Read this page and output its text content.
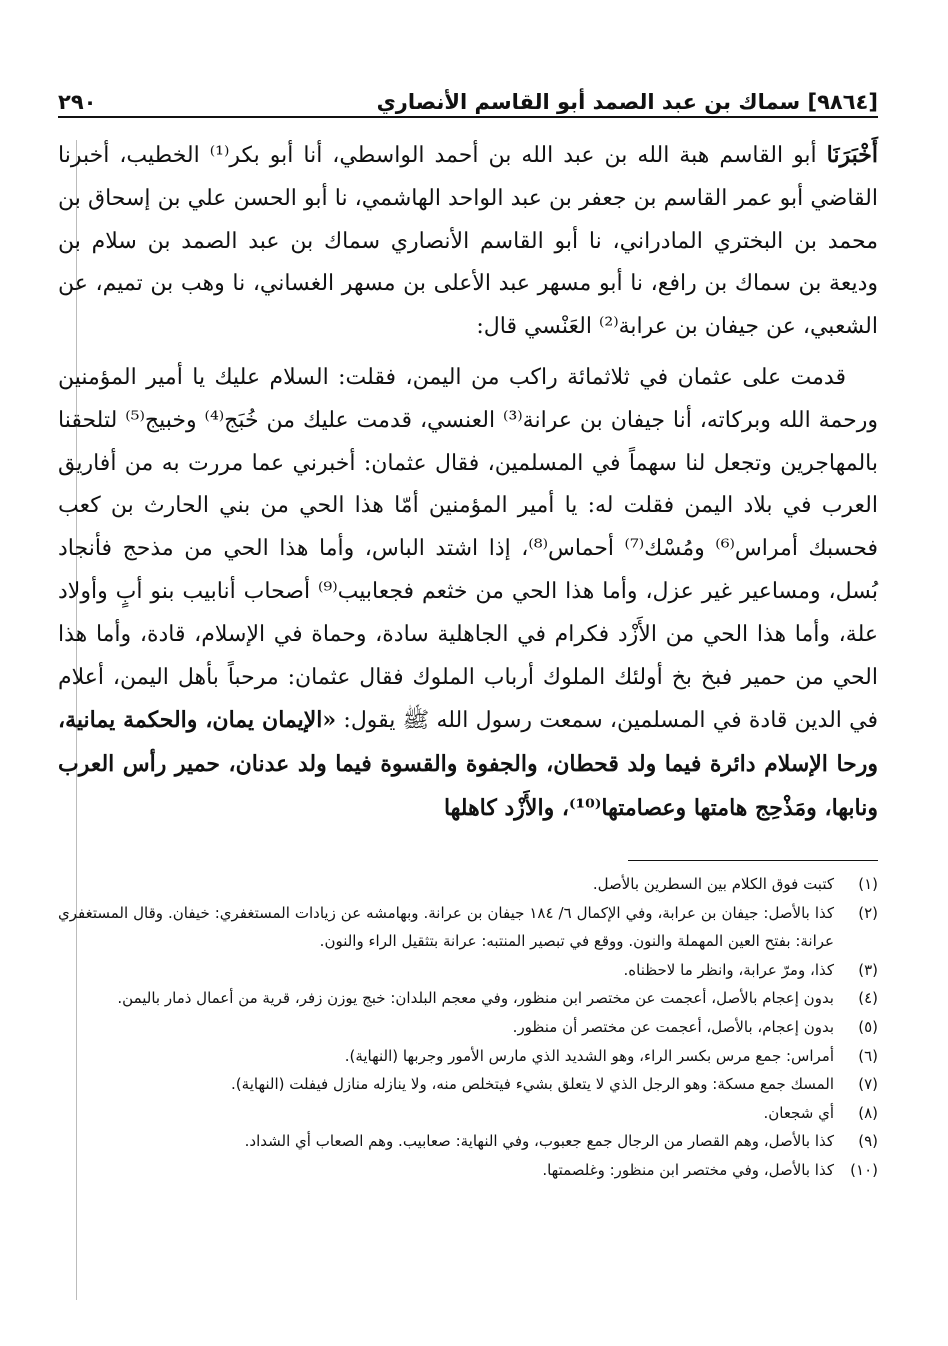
[٩٨٦٤] سماك بن عبد الصمد أبو القاسم الأنصاري
٢٩٠

أَخْبَرَنَا أبو القاسم هبة الله بن عبد الله بن أحمد الواسطي، أنا أبو بكر⁽¹⁾ الخطيب، أخبرنا القاضي أبو عمر القاسم بن جعفر بن عبد الواحد الهاشمي، نا أبو الحسن علي بن إسحاق بن محمد بن البختري المادراني، نا أبو القاسم الأنصاري سماك بن عبد الصمد بن سلام بن وديعة بن سماك بن رافع، نا أبو مسهر عبد الأعلى بن مسهر الغساني، نا وهب بن تميم، عن الشعبي، عن جيفان بن عرابة⁽²⁾ العَنْسي قال:

قدمت على عثمان في ثلاثمائة راكب من اليمن، فقلت: السلام عليك يا أمير المؤمنين ورحمة الله وبركاته، أنا جيفان بن عرانة⁽³⁾ العنسي، قدمت عليك من خُبَج⁽⁴⁾ وخبيج⁽⁵⁾ لتلحقنا بالمهاجرين وتجعل لنا سهماً في المسلمين، فقال عثمان: أخبرني عما مررت به من أفاريق العرب في بلاد اليمن فقلت له: يا أمير المؤمنين أمّا هذا الحي من بني الحارث بن كعب فحسبك أمراس⁽⁶⁾ ومُسْك⁽⁷⁾ أحماس⁽⁸⁾، إذا اشتد الباس، وأما هذا الحي من مذحج فأنجاد بُسل، ومساعير غير عزل، وأما هذا الحي من خثعم فجعابيب⁽⁹⁾ أصحاب أنابيب بنو أبٍ وأولاد علة، وأما هذا الحي من الأَزْد فكرام في الجاهلية سادة، وحماة في الإسلام، قادة، وأما هذا الحي من حمير فبخ بخ أولئك الملوك أرباب الملوك فقال عثمان: مرحباً بأهل اليمن، أعلام في الدين قادة في المسلمين، سمعت رسول الله ﷺ يقول: «الإيمان يمان، والحكمة يمانية، ورحا الإسلام دائرة فيما ولد قحطان، والجفوة والقسوة فيما ولد عدنان، حمير رأس العرب ونابها، ومَذْحِج هامتها وعصامتها⁽¹⁰⁾، والأَزْد كاهلها

(١)
كتبت فوق الكلام بين السطرين بالأصل.
(٢)
كذا بالأصل: جيفان بن عرابة، وفي الإكمال ٦/ ١٨٤ جيفان بن عرانة. وبهامشه عن زيادات المستغفري: خيفان. وقال المستغفري عرانة: بفتح العين المهملة والنون. ووقع في تبصير المنتبه: عرانة بتثقيل الراء والنون.
(٣)
كذا، ومرّ عرابة، وانظر ما لاحظناه.
(٤)
بدون إعجام بالأصل، أعجمت عن مختصر ابن منظور، وفي معجم البلدان: خبج يوزن زفر، قرية من أعمال ذمار باليمن.
(٥)
بدون إعجام، بالأصل، أعجمت عن مختصر أن منظور.
(٦)
أمراس: جمع مرس بكسر الراء، وهو الشديد الذي مارس الأمور وجربها (النهاية).
(٧)
المسك جمع مسكة: وهو الرجل الذي لا يتعلق بشيء فيتخلص منه، ولا ينازله منازل فيفلت (النهاية).
(٨)
أي شجعان.
(٩)
كذا بالأصل، وهم القصار من الرجال جمع جعبوب، وفي النهاية: صعابيب. وهم الصعاب أي الشداد.
(١٠)
كذا بالأصل، وفي مختصر ابن منظور: وغلصمتها.
